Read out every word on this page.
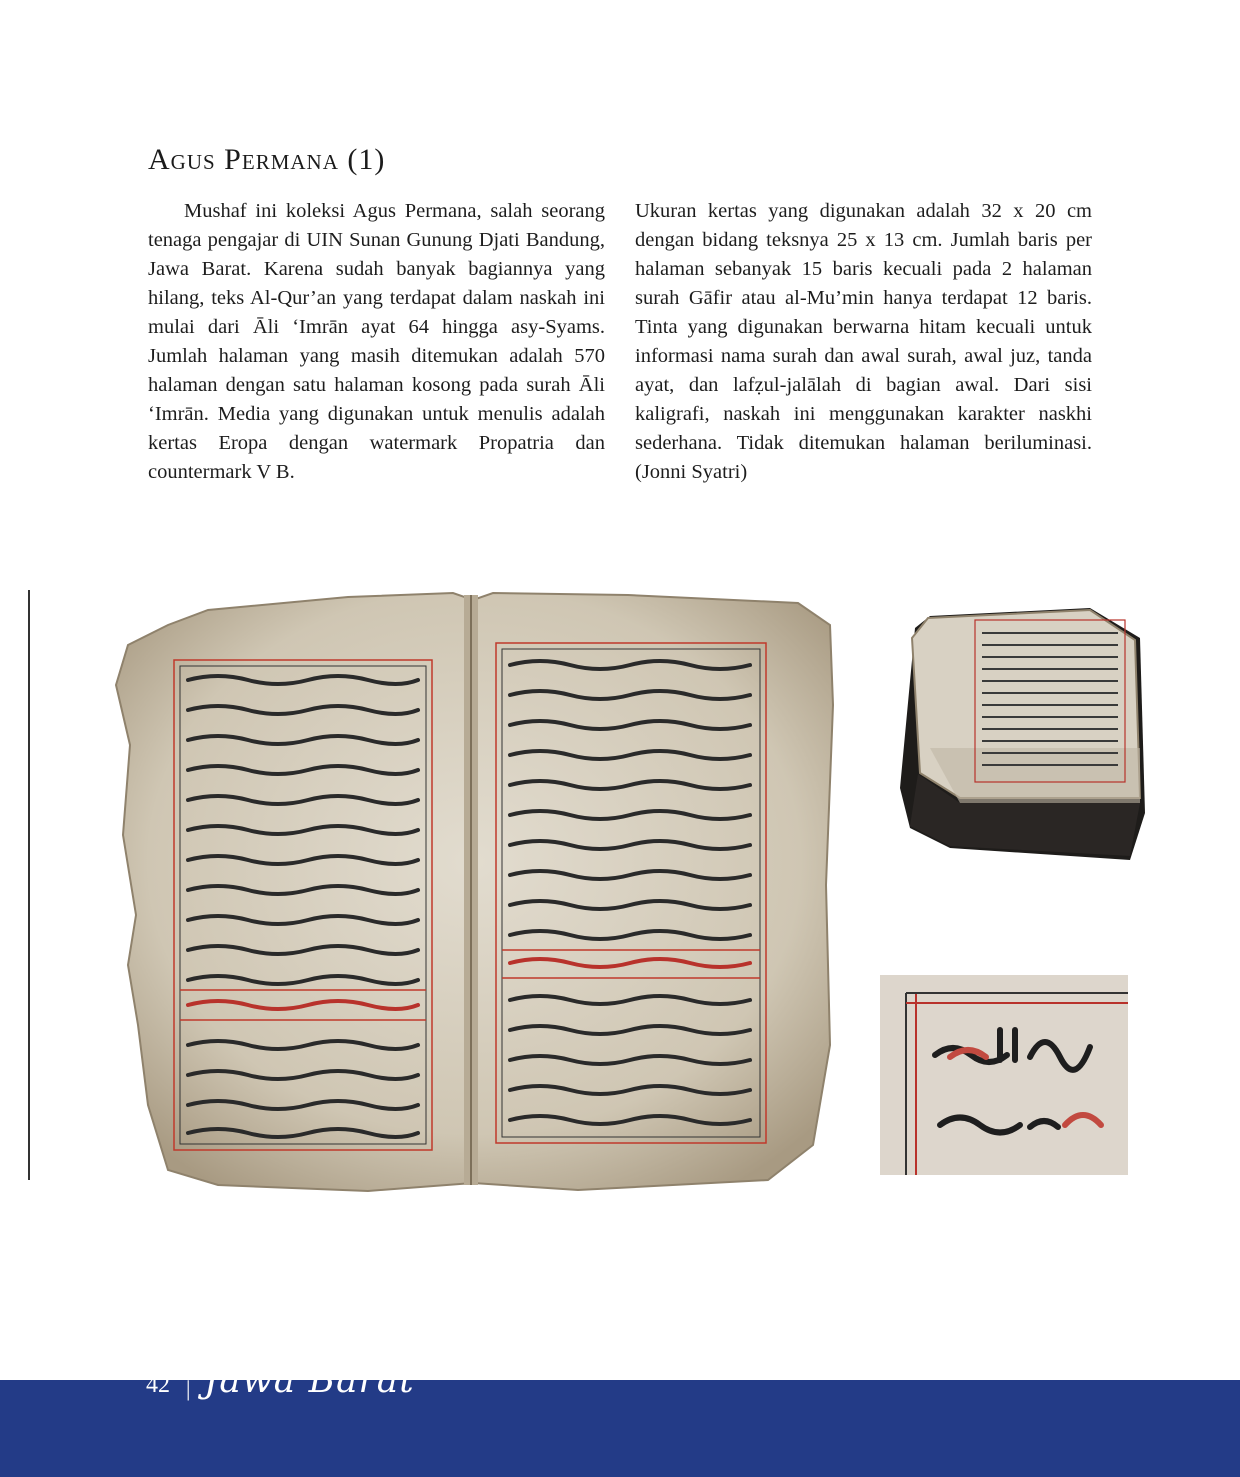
Agus Permana (1)

Mushaf ini koleksi Agus Permana, salah seorang tenaga pengajar di UIN Sunan Gunung Djati Bandung, Jawa Barat. Karena sudah banyak bagiannya yang hilang, teks Al-Qur’an yang terdapat dalam naskah ini mulai dari Āli ‘Imrān ayat 64 hingga asy-Syams. Jumlah halaman yang masih ditemukan adalah 570 halaman dengan satu halaman kosong pada surah Āli ‘Imrān. Media yang digunakan untuk menulis adalah kertas Eropa dengan watermark Propatria dan countermark V B.

Ukuran kertas yang digunakan adalah 32 x 20 cm dengan bidang teksnya 25 x 13 cm. Jumlah baris per halaman sebanyak 15 baris kecuali pada 2 halaman surah Gāfir atau al-Mu’min hanya terdapat 12 baris. Tinta yang digunakan berwarna hitam kecuali untuk informasi nama surah dan awal surah, awal juz, tanda ayat, dan lafẓul-jalālah di bagian awal. Dari sisi kaligrafi, naskah ini menggunakan karakter naskhi sederhana. Tidak ditemukan halaman beriluminasi. (Jonni Syatri)

42 | Jawa Barat
